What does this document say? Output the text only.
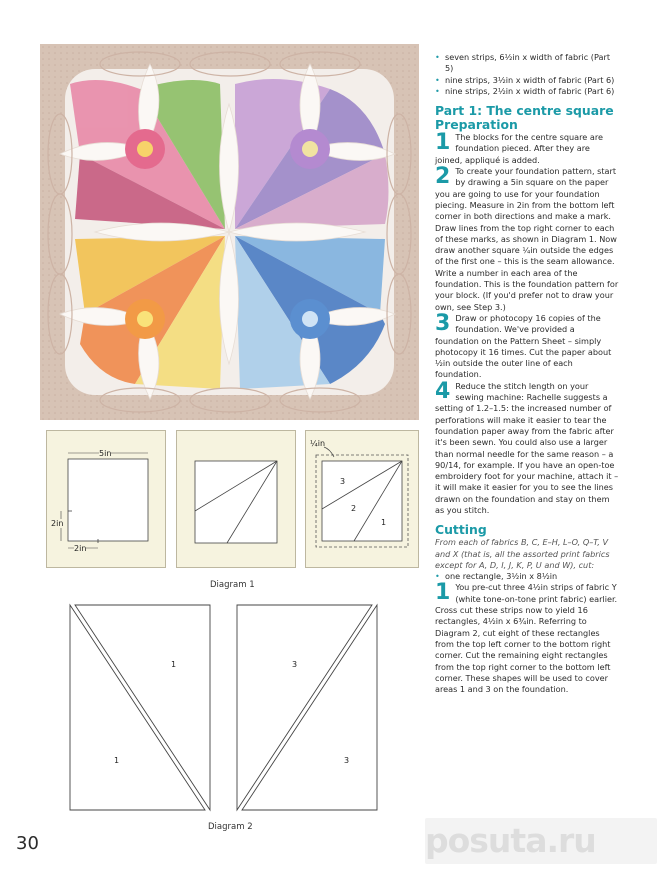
5in
2in
2in
¼in
3
2
1
Diagram 1
1
1
3
3
Diagram 2
• seven strips, 6½in x width of fabric (Part 5)
• nine strips, 3½in x width of fabric (Part 6)
• nine strips, 2½in x width of fabric (Part 6)
Part 1: The centre square
Preparation

1 The blocks for the centre square are foundation pieced. After they are joined, appliqué is added.

2 To create your foundation pattern, start by drawing a 5in square on the paper you are going to use for your foundation piecing. Measure in 2in from the bottom left corner in both directions and make a mark. Draw lines from the top right corner to each of these marks, as shown in Diagram 1. Now draw another square ¼in outside the edges of the first one – this is the seam allowance. Write a number in each area of the foundation. This is the foundation pattern for your block. (If you'd prefer not to draw your own, see Step 3.)

3 Draw or photocopy 16 copies of the foundation. We've provided a foundation on the Pattern Sheet – simply photocopy it 16 times. Cut the paper about ½in outside the outer line of each foundation.

4 Reduce the stitch length on your sewing machine: Rachelle suggests a setting of 1.2–1.5: the increased number of perforations will make it easier to tear the foundation paper away from the fabric after it's been sewn. You could also use a larger than normal needle for the same reason – a 90/14, for example. If you have an open-toe embroidery foot for your machine, attach it – it will make it easier for you to see the lines drawn on the foundation and stay on them as you stitch.

Cutting
From each of fabrics B, C, E–H, L–O, Q–T, V and X (that is, all the assorted print fabrics except for A, D, I, J, K, P, U and W), cut:
• one rectangle, 3½in x 8½in

1 You pre-cut three 4½in strips of fabric Y (white tone-on-tone print fabric) earlier. Cross cut these strips now to yield 16 rectangles, 4½in x 6¾in. Referring to Diagram 2, cut eight of these rectangles from the top left corner to the bottom right corner. Cut the remaining eight rectangles from the top right corner to the bottom left corner. These shapes will be used to cover areas 1 and 3 on the foundation.

30	posuta.ru
